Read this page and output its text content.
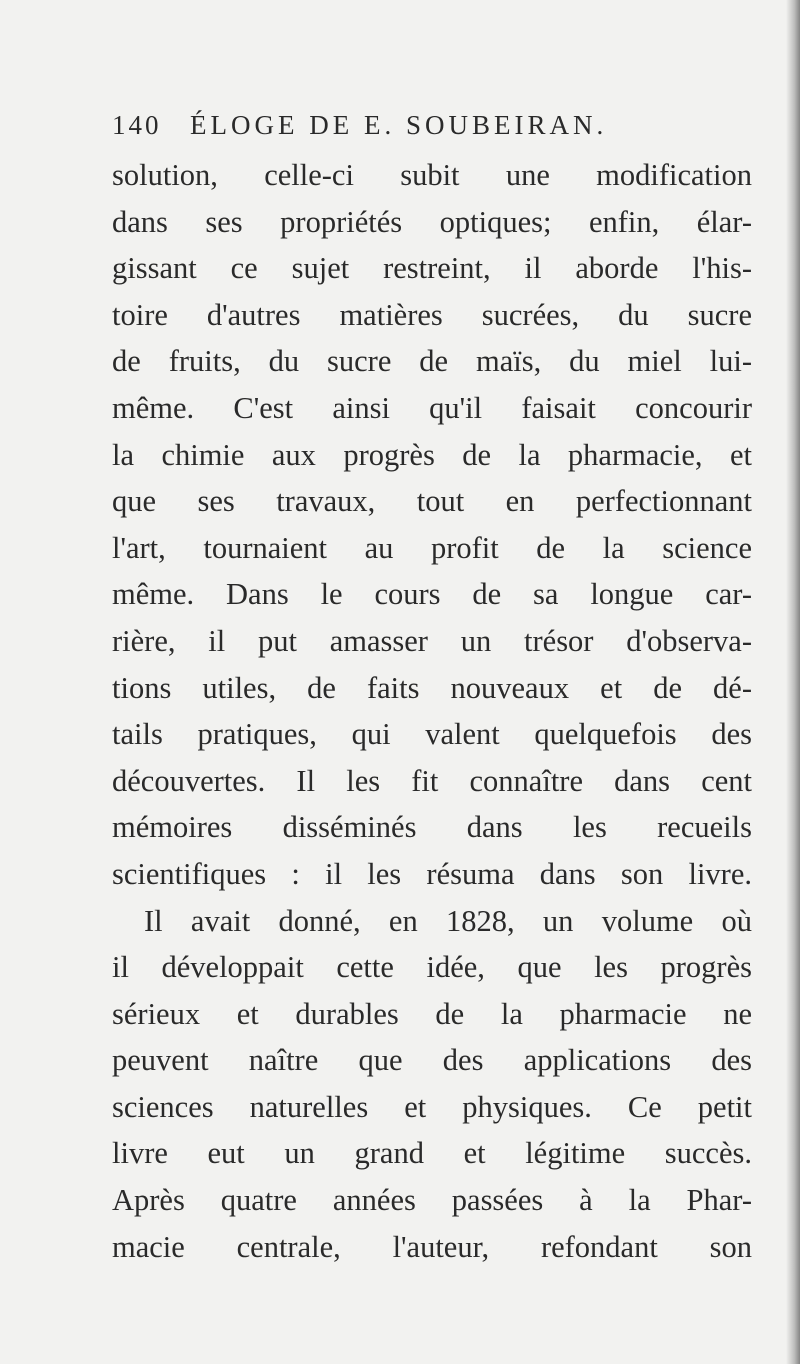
140 ÉLOGE DE E. SOUBEIRAN.
solution, celle-ci subit une modification
dans ses propriétés optiques; enfin, élar-
gissant ce sujet restreint, il aborde l'his-
toire d'autres matières sucrées, du sucre
de fruits, du sucre de maïs, du miel lui-
même. C'est ainsi qu'il faisait concourir
la chimie aux progrès de la pharmacie, et
que ses travaux, tout en perfectionnant
l'art, tournaient au profit de la science
même. Dans le cours de sa longue car-
rière, il put amasser un trésor d'observa-
tions utiles, de faits nouveaux et de dé-
tails pratiques, qui valent quelquefois des
découvertes. Il les fit connaître dans cent
mémoires disséminés dans les recueils
scientifiques : il les résuma dans son livre.
Il avait donné, en 1828, un volume où
il développait cette idée, que les progrès
sérieux et durables de la pharmacie ne
peuvent naître que des applications des
sciences naturelles et physiques. Ce petit
livre eut un grand et légitime succès.
Après quatre années passées à la Phar-
macie centrale, l'auteur, refondant son
